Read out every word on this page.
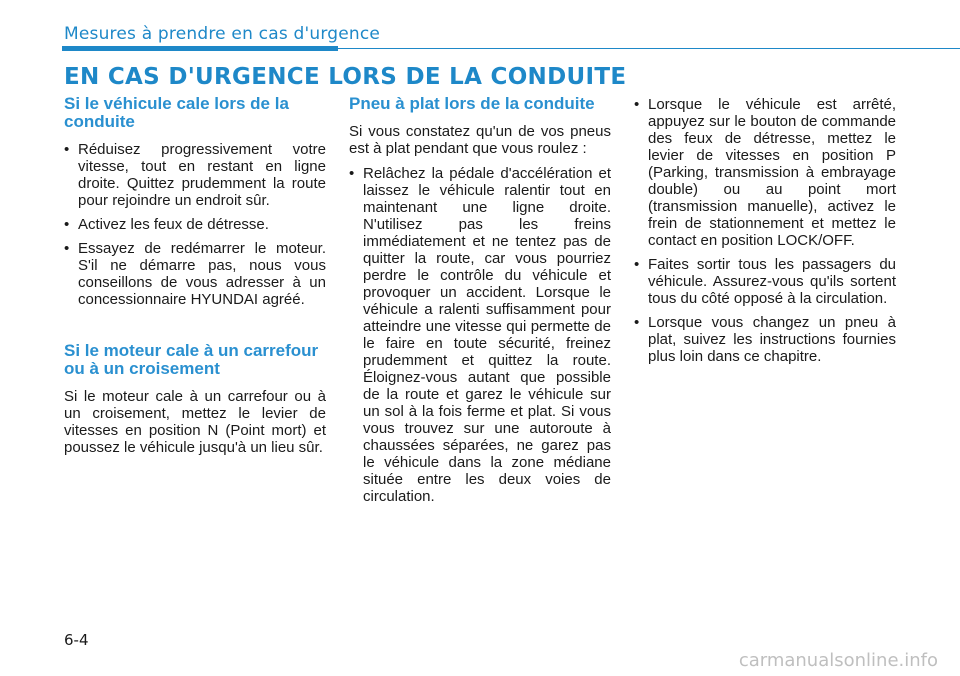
Mesures à prendre en cas d'urgence
EN CAS D'URGENCE LORS DE LA CONDUITE
Si le véhicule cale lors de la conduite
• Réduisez progressivement votre vitesse, tout en restant en ligne droite. Quittez prudemment la route pour rejoindre un endroit sûr.
• Activez les feux de détresse.
• Essayez de redémarrer le moteur. S'il ne démarre pas, nous vous conseillons de vous adresser à un concessionnaire HYUNDAI agréé.
Si le moteur cale à un carrefour ou à un croisement

Si le moteur cale à un carrefour ou à un croisement, mettez le levier de vitesses en position N (Point mort) et poussez le véhicule jusqu'à un lieu sûr.

Pneu à plat lors de la conduite

Si vous constatez qu'un de vos pneus est à plat pendant que vous roulez :

• Relâchez la pédale d'accélération et laissez le véhicule ralentir tout en maintenant une ligne droite. N'utilisez pas les freins immédiatement et ne tentez pas de quitter la route, car vous pourriez perdre le contrôle du véhicule et provoquer un accident. Lorsque le véhicule a ralenti suffisamment pour atteindre une vitesse qui permette de le faire en toute sécurité, freinez prudemment et quittez la route. Éloignez-vous autant que possible de la route et garez le véhicule sur un sol à la fois ferme et plat. Si vous vous trouvez sur une autoroute à chaussées séparées, ne garez pas le véhicule dans la zone médiane située entre les deux voies de circulation.
• Lorsque le véhicule est arrêté, appuyez sur le bouton de commande des feux de détresse, mettez le levier de vitesses en position P (Parking, transmission à embrayage double) ou au point mort (transmission manuelle), activez le frein de stationnement et mettez le contact en position LOCK/OFF.
• Faites sortir tous les passagers du véhicule. Assurez-vous qu'ils sortent tous du côté opposé à la circulation.
• Lorsque vous changez un pneu à plat, suivez les instructions fournies plus loin dans ce chapitre.
6-4
carmanualsonline.info
